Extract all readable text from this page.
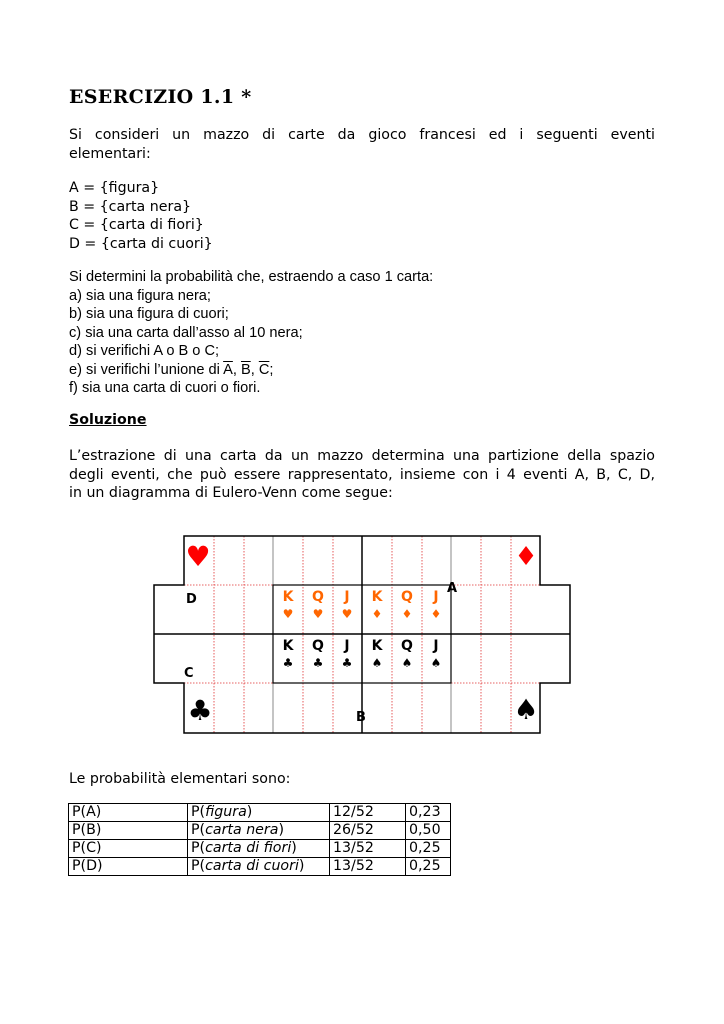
ESERCIZIO 1.1 *
Si consideri un mazzo di carte da gioco francesi ed i seguenti eventi
elementari:
A = {figura}
B = {carta nera}
C = {carta di fiori}
D = {carta di cuori}
Si determini la probabilità che, estraendo a caso 1 carta:
a) sia una figura nera;
b) sia una figura di cuori;
c) sia una carta dall’asso al 10 nera;
d) si verifichi A o B o C;
e) si verifichi l’unione di $\overline{A}$, $\overline{B}$, $\overline{C}$;
f) sia una carta di cuori o fiori.

Soluzione

L’estrazione di una carta da un mazzo determina una partizione della spazio
degli eventi, che può essere rappresentato, insieme con i 4 eventi A, B, C, D,
in un diagramma di Eulero-Venn come segue:
♥	♦
♣	♠
D
C
A
B
K
♥
Q
♥
J
♥
K
♦
Q
♦
J
♦
K
♣
Q
♣
J
♣
K
♠
Q
♠
J
♠
Le probabilità elementari sono:
P(A)	P(figura)	12/52	0,23
P(B)	P(carta nera)	26/52	0,50
P(C)	P(carta di fiori)	13/52	0,25
P(D)	P(carta di cuori)	13/52	0,25
